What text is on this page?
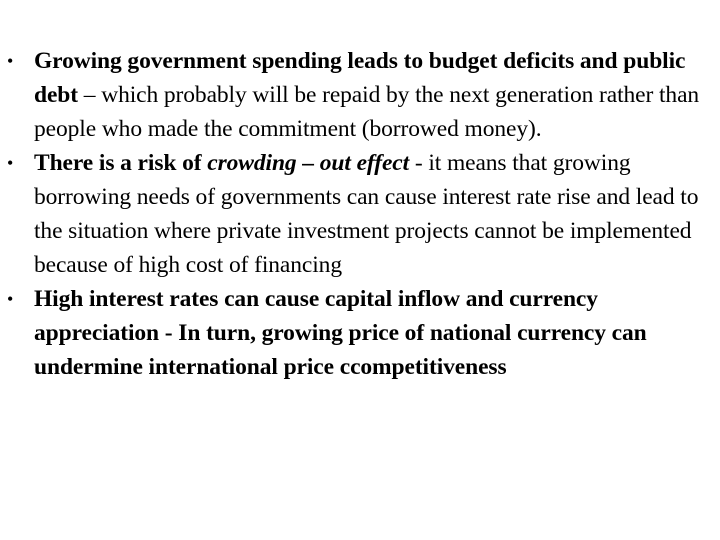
• Growing government spending leads to budget deficits and public debt – which probably will be repaid by the next generation rather than people who made the commitment (borrowed money).
• There is a risk of crowding – out effect - it means that growing borrowing needs of governments can cause interest rate rise and lead to the situation where private investment projects cannot be implemented because of high cost of financing
• High interest rates can cause capital inflow and currency appreciation - In turn, growing price of national currency can undermine international price ccompetitiveness
